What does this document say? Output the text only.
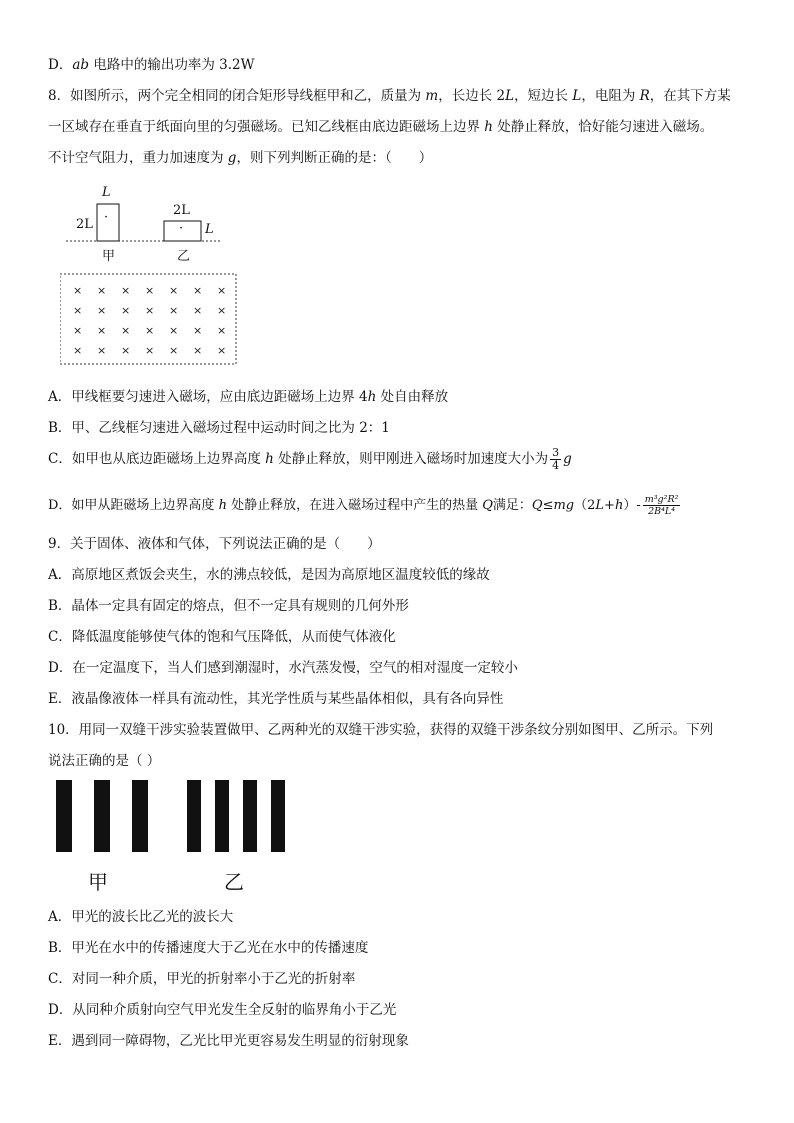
D．ab 电路中的输出功率为 3.2W
8．如图所示，两个完全相同的闭合矩形导线框甲和乙，质量为 m，长边长 2L，短边长 L，电阻为 R，在其下方某
一区域存在垂直于纸面向里的匀强磁场。已知乙线框由底边距磁场上边界 h 处静止释放，恰好能匀速进入磁场。
不计空气阻力，重力加速度为 g，则下列判断正确的是：（　　）
× × × × × × ×
× × × × × × ×
× × × × × × ×
× × × × × × ×
L
2L ·
甲
2L
· L
乙
A．甲线框要匀速进入磁场，应由底边距磁场上边界 4h 处自由释放
B．甲、乙线框匀速进入磁场过程中运动时间之比为 2：1
C．如甲也从底边距磁场上边界高度 h 处静止释放，则甲刚进入磁场时加速度大小为 $\frac{3}{4}$ g
D．如甲从距磁场上边界高度 h 处静止释放，在进入磁场过程中产生的热量 Q满足：$Q\le mg(2L+h)- \frac{\text{m³g²R²}}{\text{2B⁴L⁴}}$
9．关于固体、液体和气体，下列说法正确的是（　　）
A．高原地区煮饭会夹生，水的沸点较低，是因为高原地区温度较低的缘故
B．晶体一定具有固定的熔点，但不一定具有规则的几何外形
C．降低温度能够使气体的饱和气压降低，从而使气体液化
D．在一定温度下，当人们感到潮湿时，水汽蒸发慢，空气的相对湿度一定较小
E．液晶像液体一样具有流动性，其光学性质与某些晶体相似，具有各向异性
10．用同一双缝干涉实验装置做甲、乙两种光的双缝干涉实验，获得的双缝干涉条纹分别如图甲、乙所示。下列
说法正确的是（ ）
甲	乙
A．甲光的波长比乙光的波长大
B．甲光在水中的传播速度大于乙光在水中的传播速度
C．对同一种介质，甲光的折射率小于乙光的折射率
D．从同种介质射向空气甲光发生全反射的临界角小于乙光
E．遇到同一障碍物，乙光比甲光更容易发生明显的衍射现象
